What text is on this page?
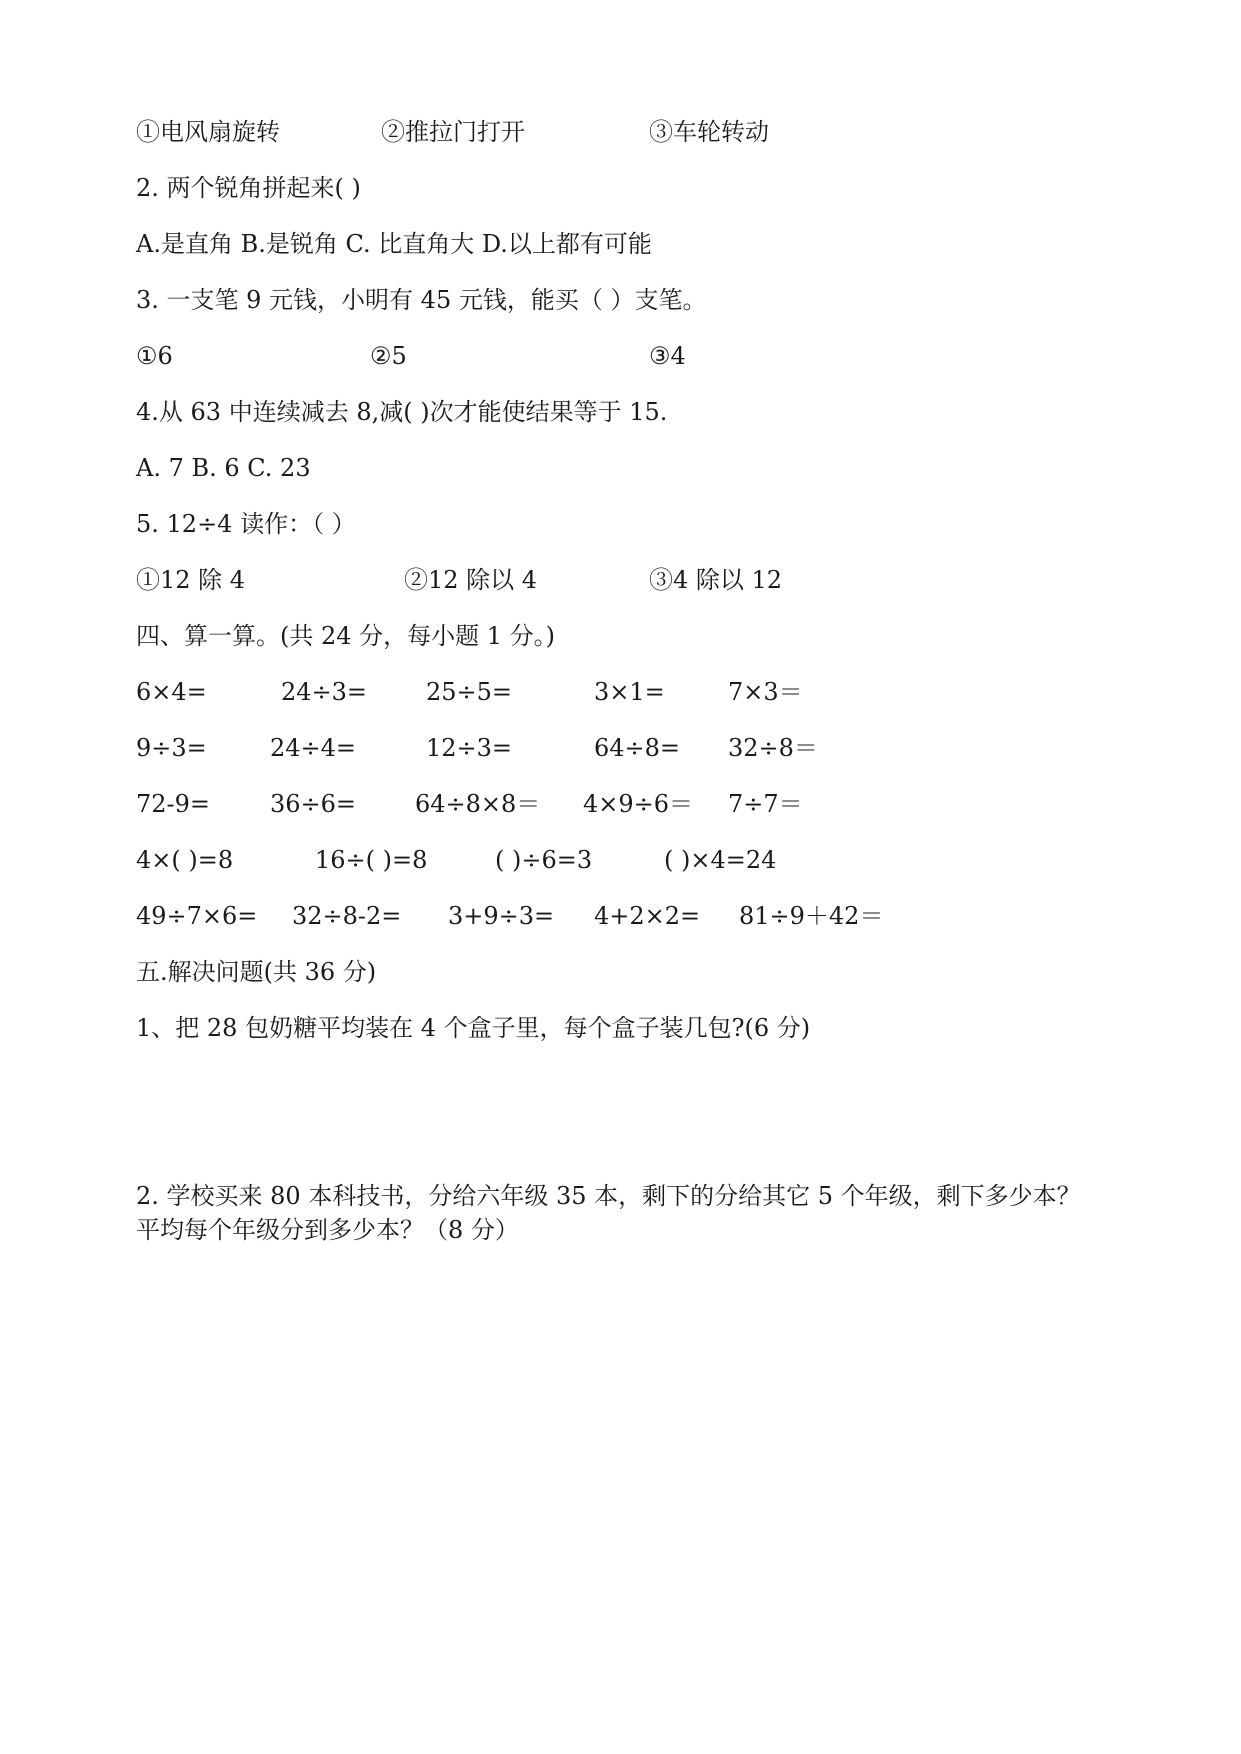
①电风扇旋转	②推拉门打开	③车轮转动
2. 两个锐角拼起来( )
A.是直角 B.是锐角 C. 比直角大 D.以上都有可能
3. 一支笔 9 元钱，小明有 45 元钱，能买（ ）支笔。
①6	②5	③4
4.从 63 中连续减去 8,减( )次才能使结果等于 15.
A. 7 B. 6 C. 23
5. 12÷4 读作：（ ）
①12 除 4	②12 除以 4	③4 除以 12
四、算一算。(共 24 分，每小题 1 分。)
6×4=	24÷3= 25÷5=	3×1=	7×3＝
9÷3=	24÷4=	12÷3=	64÷8= 32÷8＝
72-9= 36÷6= 64÷8×8＝ 4×9÷6＝ 7÷7＝
4×( )=8	16÷( )=8	( )÷6=3	( )×4=24
49÷7×6= 32÷8-2= 3+9÷3= 4+2×2= 81÷9＋42＝
五.解决问题(共 36 分)
1、把 28 包奶糖平均装在 4 个盒子里，每个盒子装几包?(6 分)
2. 学校买来 80 本科技书，分给六年级 35 本，剩下的分给其它 5 个年级，剩下多少本？
平均每个年级分到多少本？（8 分）
